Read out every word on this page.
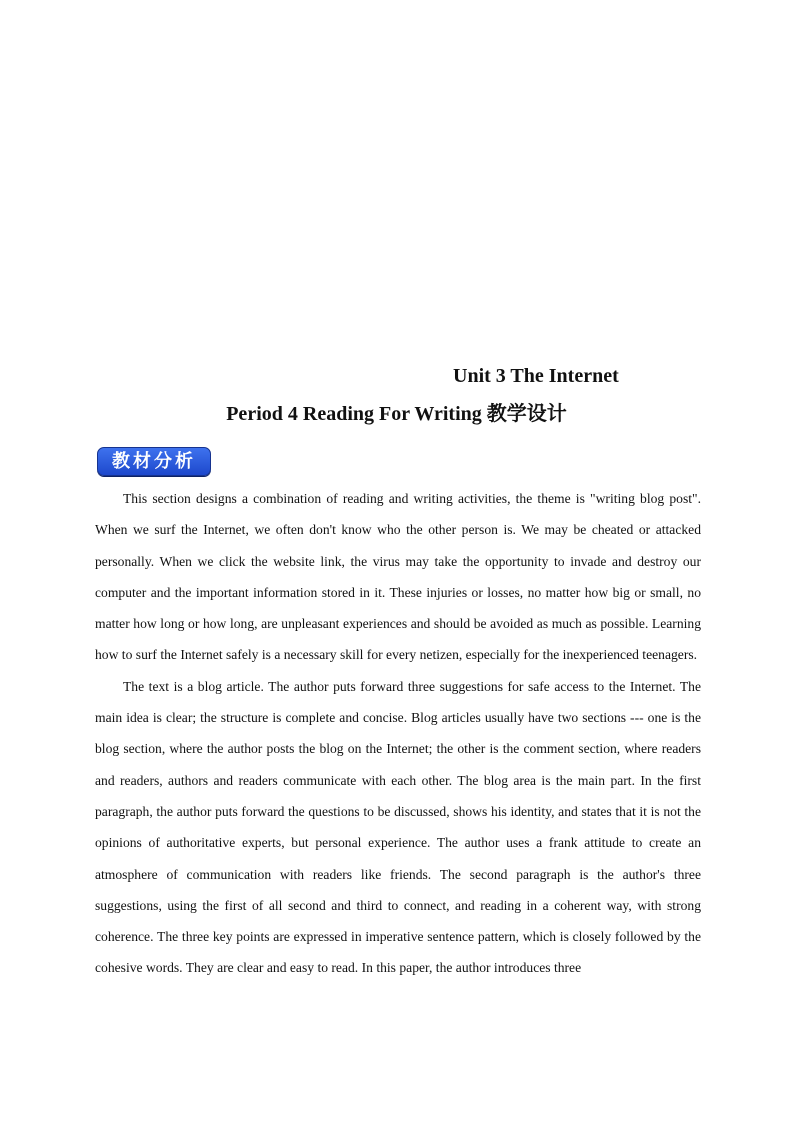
Unit 3 The Internet
Period 4 Reading For Writing 教学设计
教材分析

This section designs a combination of reading and writing activities, the theme is "writing blog post". When we surf the Internet, we often don't know who the other person is. We may be cheated or attacked personally. When we click the website link, the virus may take the opportunity to invade and destroy our computer and the important information stored in it. These injuries or losses, no matter how big or small, no matter how long or how long, are unpleasant experiences and should be avoided as much as possible. Learning how to surf the Internet safely is a necessary skill for every netizen, especially for the inexperienced teenagers.

The text is a blog article. The author puts forward three suggestions for safe access to the Internet. The main idea is clear; the structure is complete and concise. Blog articles usually have two sections --- one is the blog section, where the author posts the blog on the Internet; the other is the comment section, where readers and readers, authors and readers communicate with each other. The blog area is the main part. In the first paragraph, the author puts forward the questions to be discussed, shows his identity, and states that it is not the opinions of authoritative experts, but personal experience. The author uses a frank attitude to create an atmosphere of communication with readers like friends. The second paragraph is the author's three suggestions, using the first of all second and third to connect, and reading in a coherent way, with strong coherence. The three key points are expressed in imperative sentence pattern, which is closely followed by the cohesive words. They are clear and easy to read. In this paper, the author introduces three
